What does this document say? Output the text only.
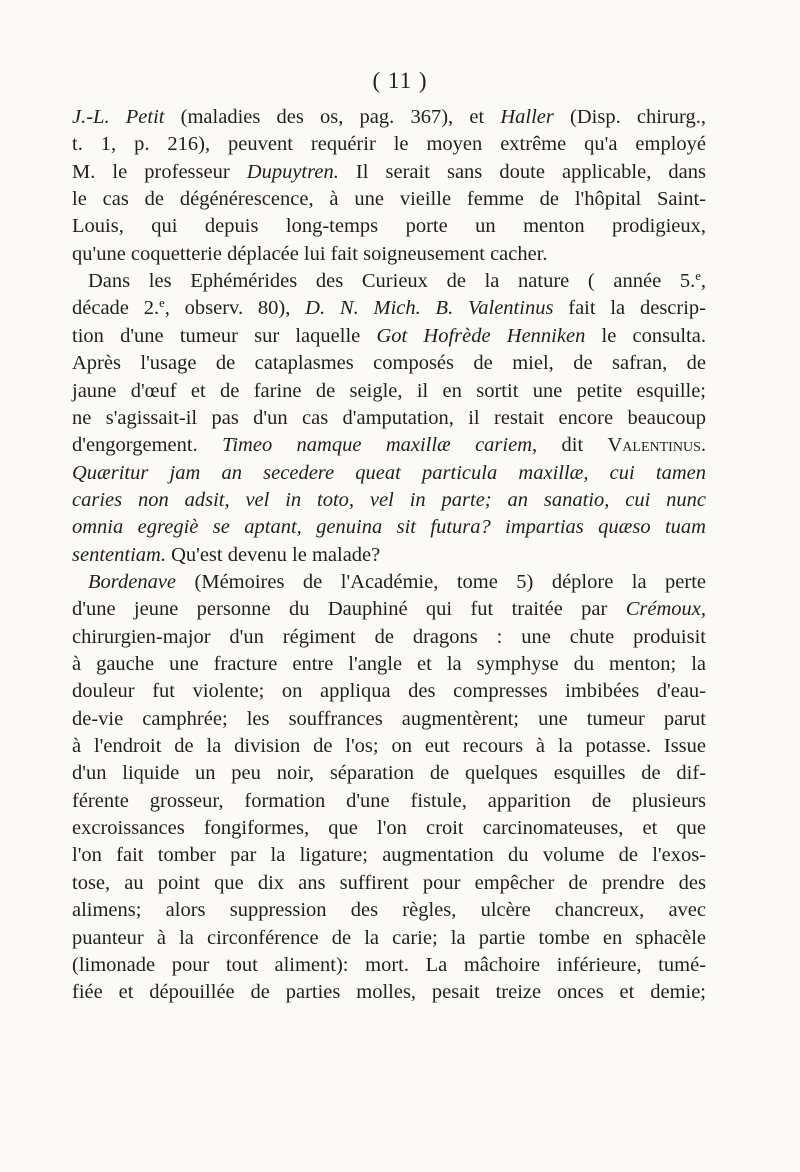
( 11 )
J.-L. Petit (maladies des os, pag. 367), et Haller (Disp. chirurg.,
t. 1, p. 216), peuvent requérir le moyen extrême qu'a employé
M. le professeur Dupuytren. Il serait sans doute applicable, dans
le cas de dégénérescence, à une vieille femme de l'hôpital Saint-
Louis, qui depuis long-temps porte un menton prodigieux,
qu'une coquetterie déplacée lui fait soigneusement cacher.
Dans les Ephémérides des Curieux de la nature ( année 5.$^e$,
décade 2.$^e$, observ. 80), D. N. Mich. B. Valentinus fait la descrip-
tion d'une tumeur sur laquelle Got Hofrède Henniken le consulta.
Après l'usage de cataplasmes composés de miel, de safran, de
jaune d'œuf et de farine de seigle, il en sortit une petite esquille;
ne s'agissait-il pas d'un cas d'amputation, il restait encore beaucoup
d'engorgement. Timeo namque maxillæ cariem, dit Valentinus.
Quæritur jam an secedere queat particula maxillæ, cui tamen
caries non adsit, vel in toto, vel in parte; an sanatio, cui nunc
omnia egregiè se aptant, genuina sit futura? impartias quæso tuam
sententiam. Qu'est devenu le malade?
Bordenave (Mémoires de l'Académie, tome 5) déplore la perte
d'une jeune personne du Dauphiné qui fut traitée par Crémoux,
chirurgien-major d'un régiment de dragons : une chute produisit
à gauche une fracture entre l'angle et la symphyse du menton; la
douleur fut violente; on appliqua des compresses imbibées d'eau-
de-vie camphrée; les souffrances augmentèrent; une tumeur parut
à l'endroit de la division de l'os; on eut recours à la potasse. Issue
d'un liquide un peu noir, séparation de quelques esquilles de dif-
férente grosseur, formation d'une fistule, apparition de plusieurs
excroissances fongiformes, que l'on croit carcinomateuses, et que
l'on fait tomber par la ligature; augmentation du volume de l'exos-
tose, au point que dix ans suffirent pour empêcher de prendre des
alimens; alors suppression des règles, ulcère chancreux, avec
puanteur à la circonférence de la carie; la partie tombe en sphacèle
(limonade pour tout aliment): mort. La mâchoire inférieure, tumé-
fiée et dépouillée de parties molles, pesait treize onces et demie;
